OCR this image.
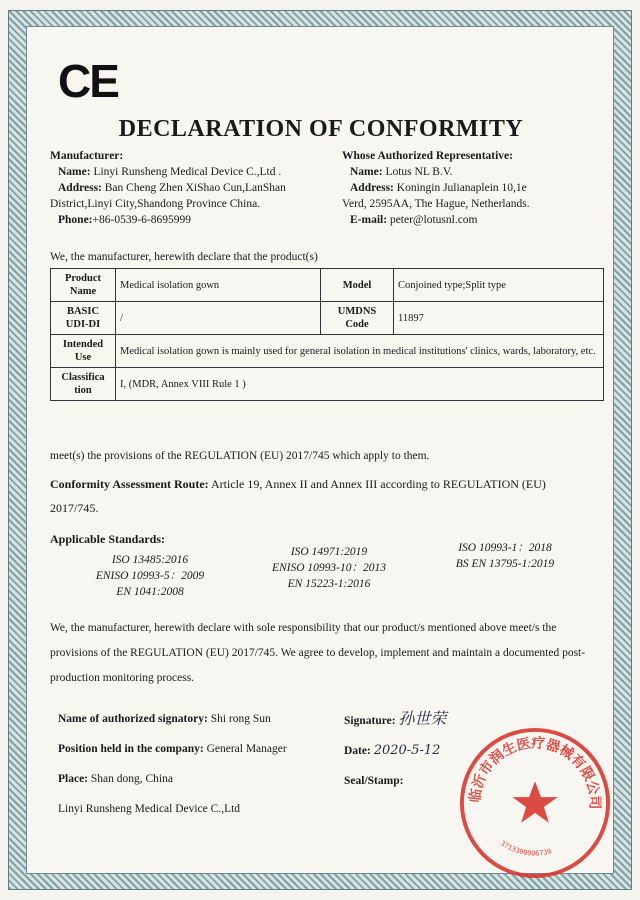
CE
DECLARATION OF CONFORMITY
Manufacturer:
Name: Linyi Runsheng Medical Device C.,Ltd .
Address: Ban Cheng Zhen XiShao Cun,LanShan
District,Linyi City,Shandong Province China.
Phone:+86-0539-6-8695999
Whose Authorized Representative:
Name: Lotus NL B.V.
Address: Koningin Julianaplein 10,1e
Verd, 2595AA, The Hague, Netherlands.
E-mail: peter@lotusnl.com
We, the manufacturer, herewith declare that the product(s)
Product Name	Medical isolation gown	Model	Conjoined type;Split type
BASIC UDI-DI	/	UMDNS Code	11897
Intended Use	Medical isolation gown is mainly used for general isolation in medical institutions' clinics, wards, laboratory, etc.		
Classifica tion	I, (MDR, Annex VIII Rule 1 )		
meet(s) the provisions of the REGULATION (EU) 2017/745 which apply to them.
Conformity Assessment Route: Article 19, Annex II and Annex III according to REGULATION (EU) 2017/745.
Applicable Standards:
ISO 13485:2016
ENISO 10993-5：2009
EN 1041:2008
ISO 14971:2019
ENISO 10993-10：2013
EN 15223-1:2016
ISO 10993-1：2018
BS EN 13795-1:2019
We, the manufacturer, herewith declare with sole responsibility that our product/s mentioned above meet/s the provisions of the REGULATION (EU) 2017/745. We agree to develop, implement and maintain a documented post-production monitoring process.
Name of authorized signatory: Shi rong Sun
Position held in the company: General Manager
Place: Shan dong, China
Linyi Runsheng Medical Device C.,Ltd
Signature: 孙世荣
Date: 2020-5-12
Seal/Stamp:
临沂市润生医疗器械有限公司
3713300006739
